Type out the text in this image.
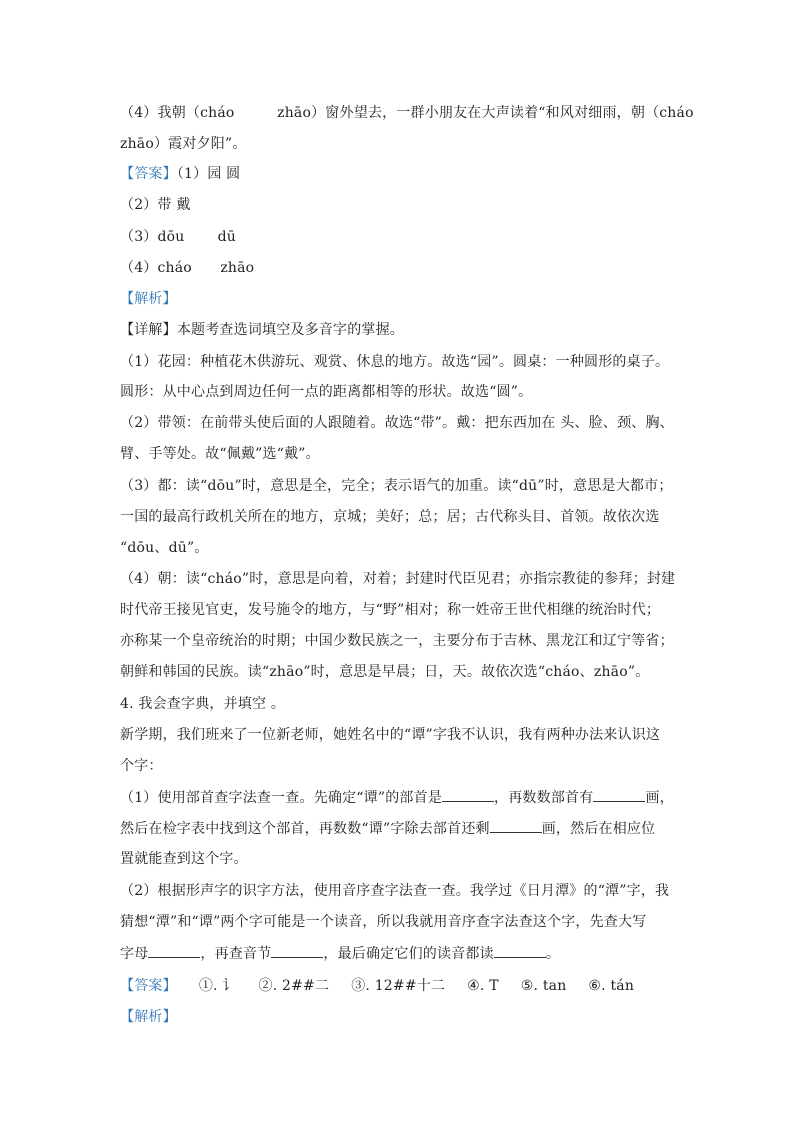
（4）我朝（cháo　　　zhāo）窗外望去，一群小朋友在大声读着“和风对细雨，朝（cháo
zhāo）霞对夕阳”。
【答案】（1）园 圆
（2）带 戴
（3）dōu　　 dū
（4）cháo　　zhāo
【解析】
【详解】本题考查选词填空及多音字的掌握。
（1）花园：种植花木供游玩、观赏、休息的地方。故选“园”。圆桌：一种圆形的桌子。
圆形：从中心点到周边任何一点的距离都相等的形状。故选“圆”。
（2）带领：在前带头使后面的人跟随着。故选“带”。戴：把东西加在 头、脸、颈、胸、
臂、手等处。故“佩戴”选“戴”。
（3）都：读“dōu”时，意思是全，完全；表示语气的加重。读“dū”时，意思是大都市；
一国的最高行政机关所在的地方，京城；美好；总；居；古代称头目、首领。故依次选
“dōu、dū”。
（4）朝：读“cháo”时，意思是向着，对着；封建时代臣见君；亦指宗教徒的参拜；封建
时代帝王接见官吏，发号施令的地方，与“野”相对；称一姓帝王世代相继的统治时代；
亦称某一个皇帝统治的时期；中国少数民族之一，主要分布于吉林、黑龙江和辽宁等省；
朝鲜和韩国的民族。读“zhāo”时，意思是早晨；日，天。故依次选“cháo、zhāo”。
4. 我会查字典，并填空 。
新学期，我们班来了一位新老师，她姓名中的“谭”字我不认识，我有两种办法来认识这
个字：
（1）使用部首查字法查一查。先确定“谭”的部首是	，再数数部首有	画，
然后在检字表中找到这个部首，再数数“谭”字除去部首还剩	画，然后在相应位
置就能查到这个字。
（2）根据形声字的识字方法，使用音序查字法查一查。我学过《日月潭》的“潭”字，我
猜想“潭”和“谭”两个字可能是一个读音，所以我就用音序查字法查这个字，先查大写
字母	，再查音节	，最后确定它们的读音都读	。
【答案】 ①. 讠 ②. 2##二 ③. 12##十二 ④. T ⑤. tan ⑥. tán
【解析】
